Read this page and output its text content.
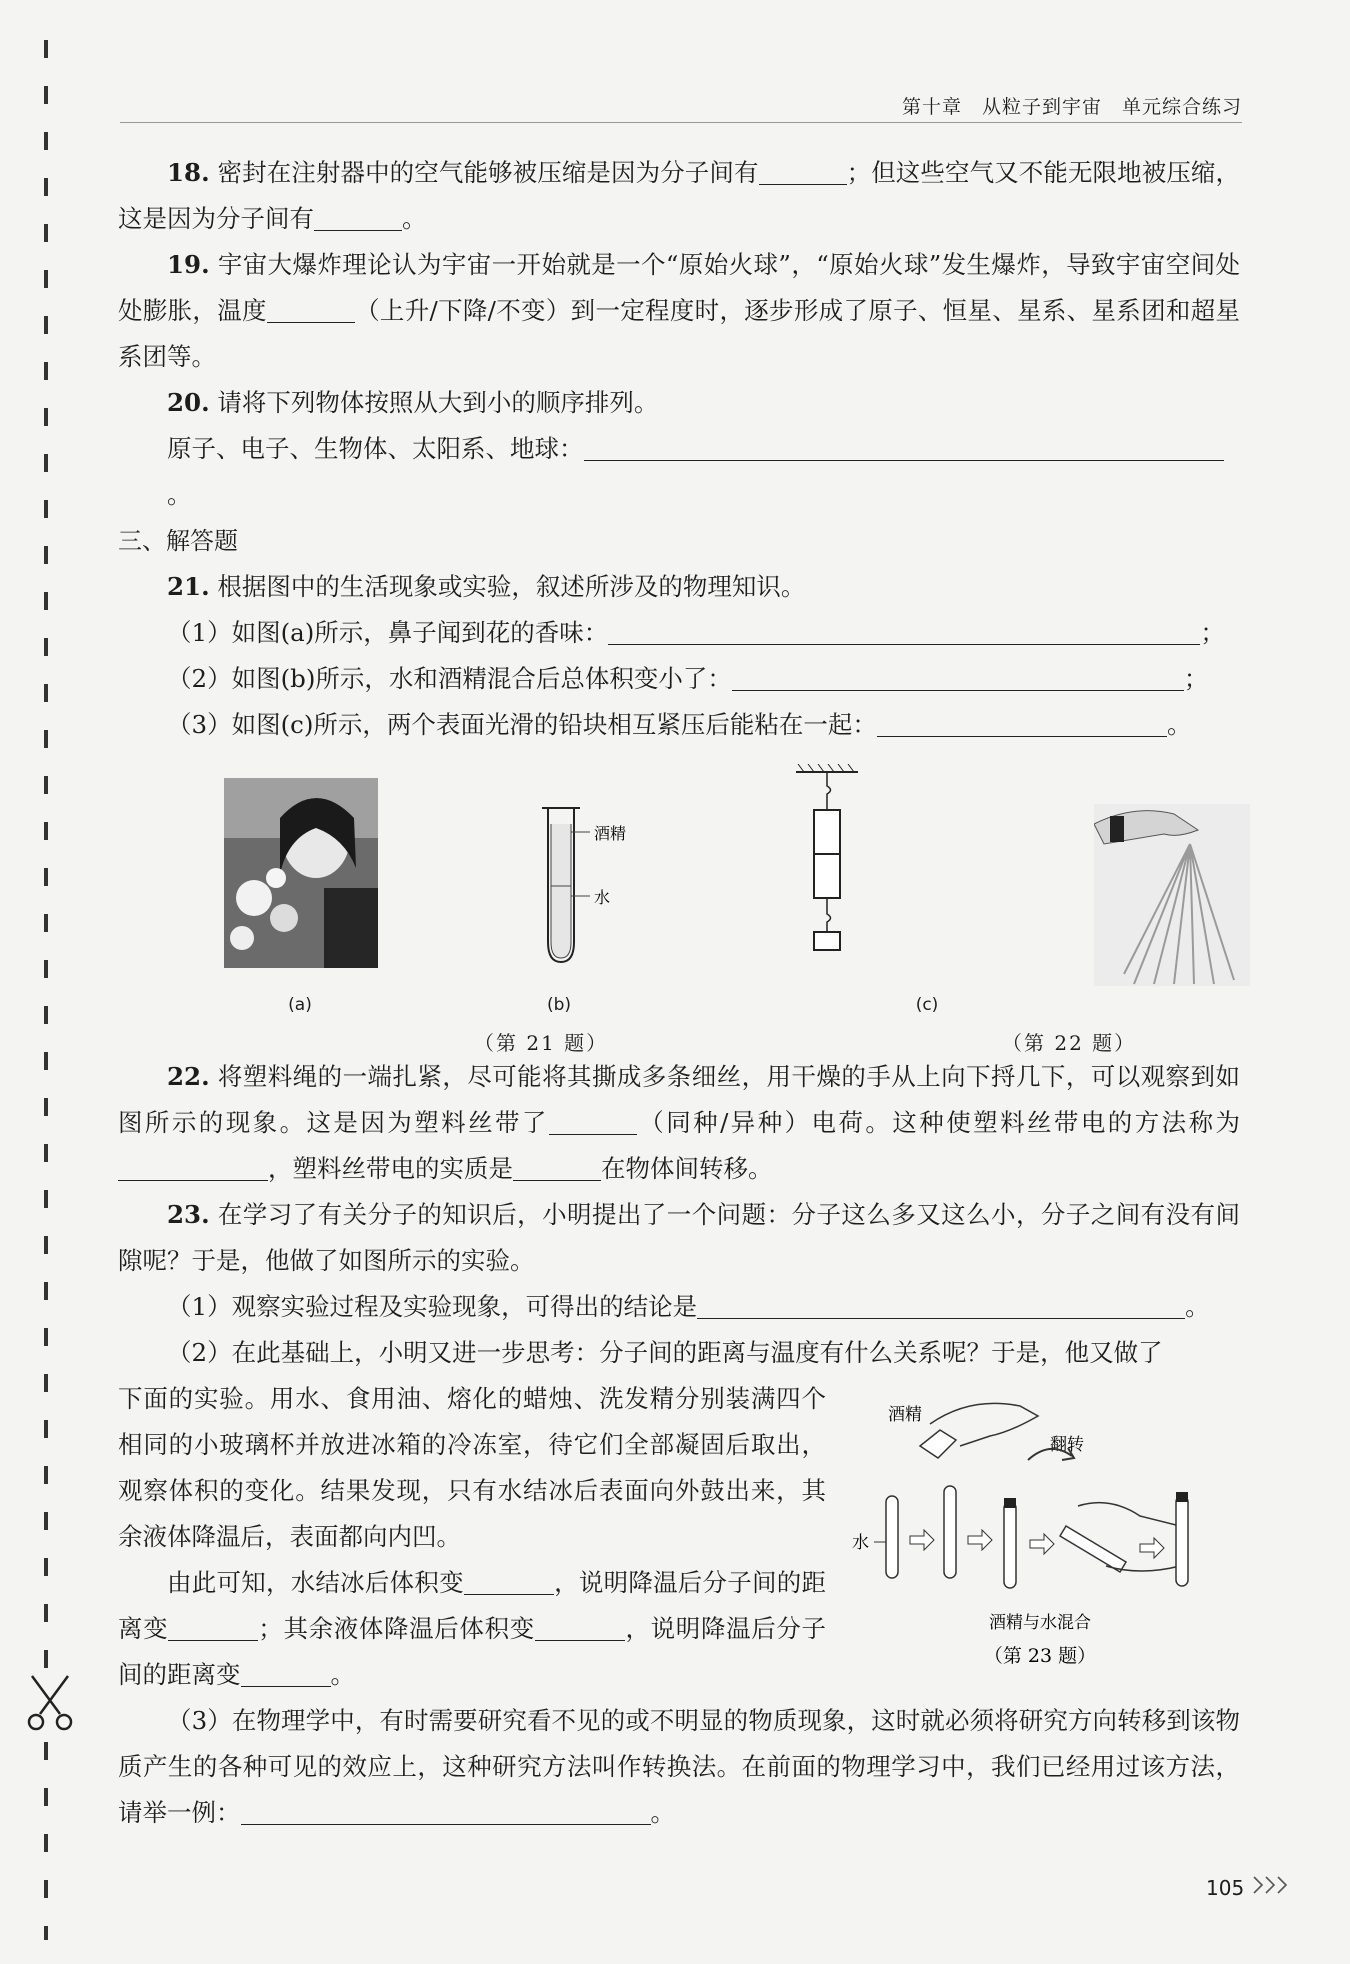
第十章　从粒子到宇宙　单元综合练习

18. 密封在注射器中的空气能够被压缩是因为分子间有	；但这些空气又不能无限地被压缩，这是因为分子间有	。

19. 宇宙大爆炸理论认为宇宙一开始就是一个“原始火球”，“原始火球”发生爆炸，导致宇宙空间处处膨胀，温度	（上升/下降/不变）到一定程度时，逐步形成了原子、恒星、星系、星系团和超星系团等。

20. 请将下列物体按照从大到小的顺序排列。

原子、电子、生物体、太阳系、地球：。

三、解答题

21. 根据图中的生活现象或实验，叙述所涉及的物理知识。

（1）如图(a)所示，鼻子闻到花的香味：	；

（2）如图(b)所示，水和酒精混合后总体积变小了：	；

（3）如图(c)所示，两个表面光滑的铅块相互紧压后能粘在一起：	。

(a)
酒精
水
(b)	(c)
（第 21 题）	（第 22 题）

22. 将塑料绳的一端扎紧，尽可能将其撕成多条细丝，用干燥的手从上向下捋几下，可以观察到如图所示的现象。这是因为塑料丝带了	（同种/异种）电荷。这种使塑料丝带电的方法称为，塑料丝带电的实质是	在物体间转移。

23. 在学习了有关分子的知识后，小明提出了一个问题：分子这么多又这么小，分子之间有没有间隙呢？于是，他做了如图所示的实验。

（1）观察实验过程及实验现象，可得出的结论是	。

（2）在此基础上，小明又进一步思考：分子间的距离与温度有什么关系呢？于是，他又做了

下面的实验。用水、食用油、熔化的蜡烛、洗发精分别装满四个相同的小玻璃杯并放进冰箱的冷冻室，待它们全部凝固后取出，观察体积的变化。结果发现，只有水结冰后表面向外鼓出来，其余液体降温后，表面都向内凹。

由此可知，水结冰后体积变	，说明降温后分子间的距离变	；其余液体降温后体积变	，说明降温后分子间的距离变	。

酒精
翻转
水
酒精与水混合
（第 23 题）

（3）在物理学中，有时需要研究看不见的或不明显的物质现象，这时就必须将研究方向转移到该物质产生的各种可见的效应上，这种研究方法叫作转换法。在前面的物理学习中，我们已经用过该方法，请举一例：	。

105
